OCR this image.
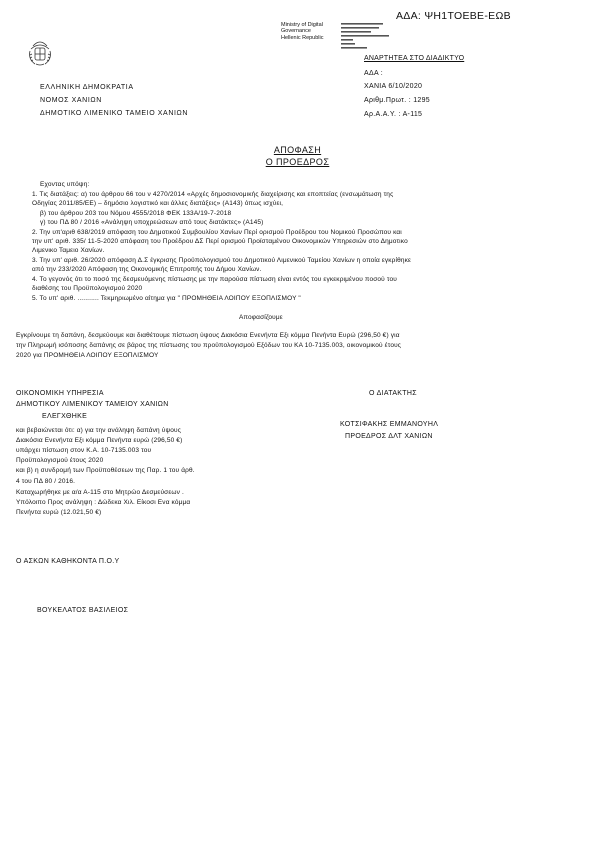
ΑΔΑ: ΨΗ1ΤΟΕΒΕ-ΕΩΒ
Ministry of Digital
Governance
Hellenic Republic
ΑΝΑΡΤΗΤΕΑ ΣΤΟ ΔΙΑΔΙΚΤΥΟ
ΑΔΑ :
ΧΑΝΙΑ 6/10/2020
Αριθμ.Πρωτ. : 1295
Αρ.Α.Α.Υ. : Α-115
ΕΛΛΗΝΙΚΗ ΔΗΜΟΚΡΑΤΙΑ
ΝΟΜΟΣ ΧΑΝΙΩΝ
ΔΗΜΟΤΙΚΟ ΛΙΜΕΝΙΚΟ ΤΑΜΕΙΟ ΧΑΝΙΩΝ
ΑΠΟΦΑΣΗ
Ο ΠΡΟΕΔΡΟΣ
Εχοντας υπόψη:
1. Τις διατάξεις: α) του άρθρου 66 του ν 4270/2014 «Αρχές δημοσιονομικής διαχείρισης και εποπτείας (ενσωμάτωση της
Οδηγίας 2011/85/ΕΕ) – δημόσιο λογιστικό και άλλες διατάξεις» (Α143) όπως ισχύει,
β) του άρθρου 203 του Νόμου 4555/2018 ΦΕΚ 133Α/19-7-2018
γ) του ΠΔ 80 / 2016 «Ανάληψη υποχρεώσεων από τους διατάκτες» (Α145)
2. Την υπ'αριθ 638/2019 απόφαση του Δημοτικού Συμβουλίου Χανίων Περί ορισμού Προέδρου του Νομικού Προσώπου και
την υπ' αριθ. 335/ 11-5-2020 απόφαση του Προέδρου ΔΣ Περί ορισμού Προϊσταμένου Οικονομικών Υπηρεσιών στο Δημοτικο
Λιμενικο Ταμειο Χανίων.
3. Την υπ' αριθ. 26/2020 απόφαση Δ.Σ έγκρισης Προϋπολογισμού του Δημοτικού Λιμενικού Ταμείου Χανίων η οποία εγκρίθηκε
από την 233/2020 Απόφαση της Οικονομικής Επιτροπής του Δήμου Χανίων.
4. Το γεγονός ότι το ποσό της δεσμευόμενης πίστωσης με την παρούσα πίστωση είναι εντός του εγκεκριμένου ποσού του
διαθέσης του Προϋπολογισμού 2020
5. Το υπ' αριθ. ........... Τεκμηριωμένο αίτημα για " ΠΡΟΜΗΘΕΙΑ ΛΟΙΠΟΥ ΕΞΟΠΛΙΣΜΟΥ "
Αποφασίζουμε
Εγκρίνουμε τη δαπάνη, δεσμεύουμε και διαθέτουμε πίστωση ύψους Διακόσια Ενενήντα Εξι κόμμα Πενήντα Ευρώ (296,50 €) για
την Πληρωμή ισόποσης δαπάνης σε βάρος της πίστωσης του προϋπολογισμού Εξόδων του ΚΑ 10-7135.003, οικονομικού έτους
2020 για ΠΡΟΜΗΘΕΙΑ ΛΟΙΠΟΥ ΕΞΟΠΛΙΣΜΟΥ
ΟΙΚΟΝΟΜΙΚΗ ΥΠΗΡΕΣΙΑ
ΔΗΜΟΤΙΚΟΥ ΛΙΜΕΝΙΚΟΥ ΤΑΜΕΙΟΥ ΧΑΝΙΩΝ
ΕΛΕΓΧΘΗΚΕ
και βεβαιώνεται ότι: α) για την ανάληψη δαπάνη ύψους
Διακόσια Ενενήντα Εξι κόμμα Πενήντα ευρώ (296,50 €)
υπάρχει πίστωση στον Κ.Α. 10-7135.003 του
Προϋπολογισμού έτους 2020
και β) η συνδρομή των Προϋποθέσεων της Παρ. 1 του άρθ.
4 του ΠΔ 80 / 2016.
Καταχωρήθηκε με α/α Α-115 στο Μητρώο Δεσμεύσεων .
Υπόλοιπο Προς ανάληψη : Δώδεκα Χιλ. Είκοσι Ενα κόμμα
Πενήντα ευρώ (12.021,50 €)
Ο ΔΙΑΤΑΚΤΗΣ
ΚΟΤΣΙΦΑΚΗΣ ΕΜΜΑΝΟΥΗΛ
ΠΡΟΕΔΡΟΣ ΔΛΤ ΧΑΝΙΩΝ
Ο ΑΣΚΩΝ ΚΑΘΗΚΟΝΤΑ Π.Ο.Υ
ΒΟΥΚΕΛΑΤΟΣ ΒΑΣΙΛΕΙΟΣ
